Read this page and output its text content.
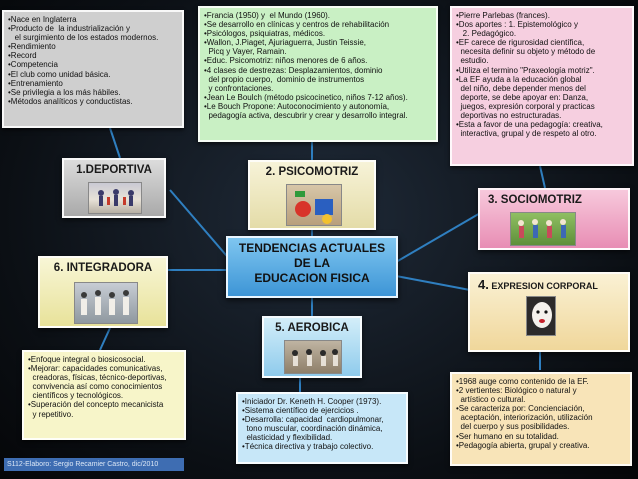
•Nace en Inglaterra
•Producto de  la industrialización y
el surgimiento de los estados modernos.
•Rendimiento
•Record
•Competencia
•El club como unidad básica.
•Entrenamiento
•Se privilegia a los más hábiles.
•Métodos analíticos y conductistas.
•Francia (1950) y  el Mundo (1960).
•Se desarrollo en clínicas y centros de rehabilitación
•Psicólogos, psiquiatras, médicos.
•Wallon, J.Piaget, Ajuriaguerra, Justin Teissie,
Picq y Vayer, Ramain.
•Educ. Psicomotriz: niños menores de 6 años.
•4 clases de destrezas: Desplazamientos, dominio
del propio cuerpo,  dominio de instrumentos
y confrontaciones.
•Jean Le Boulch (método psicocinetico, niños 7-12 años).
•Le Bouch Propone: Autoconocimiento y autonomía,
pedagogía activa, descubrir y crear y desarrollo integral.
•Pierre Parlebas (frances).
•Dos aportes : 1. Epistemológico y
2. Pedagógico.
•EF carece de rigurosidad científica,
necesita definir su objeto y método de
estudio.
•Utiliza el termino "Praxeología motriz".
•La EF ayuda a la educación global
del niño, debe depender menos del
deporte, se debe apoyar en: Danza,
juegos, expresión corporal y practicas
deportivas no estructuradas.
•Esta a favor de una pedagogía: creativa,
interactiva, grupal y de respeto al otro.
•1968 auge como contenido de la EF.
•2 vertientes: Biológico o natural y
artístico o cultural.
•Se caracteriza por: Concienciación,
aceptación, interiorización, utilización
del cuerpo y sus posibilidades.
•Ser humano en su totalidad.
•Pedagogía abierta, grupal y creativa.
•Iniciador Dr. Keneth H. Cooper (1973).
•Sistema científico de ejercicios .
•Desarrolla: capacidad  cardiopulmonar,
tono muscular, coordinación dinámica,
elasticidad y flexibilidad.
•Técnica directiva y trabajo colectivo.
•Enfoque integral o biosicosocial.
•Mejorar: capacidades comunicativas,
creadoras, físicas, técnico-deportivas,
convivencia así como conocimientos
científicos y tecnológicos.
•Superación del concepto mecanicista
y repetitivo.
1.DEPORTIVA	2. PSICOMOTRIZ
3. SOCIOMOTRIZ
4. EXPRESION CORPORAL
5. AEROBICA
6. INTEGRADORA
TENDENCIAS ACTUALES
DE LA
EDUCACION FISICA
S112-Elaboro: Sergio Recamier Castro, dic/2010
